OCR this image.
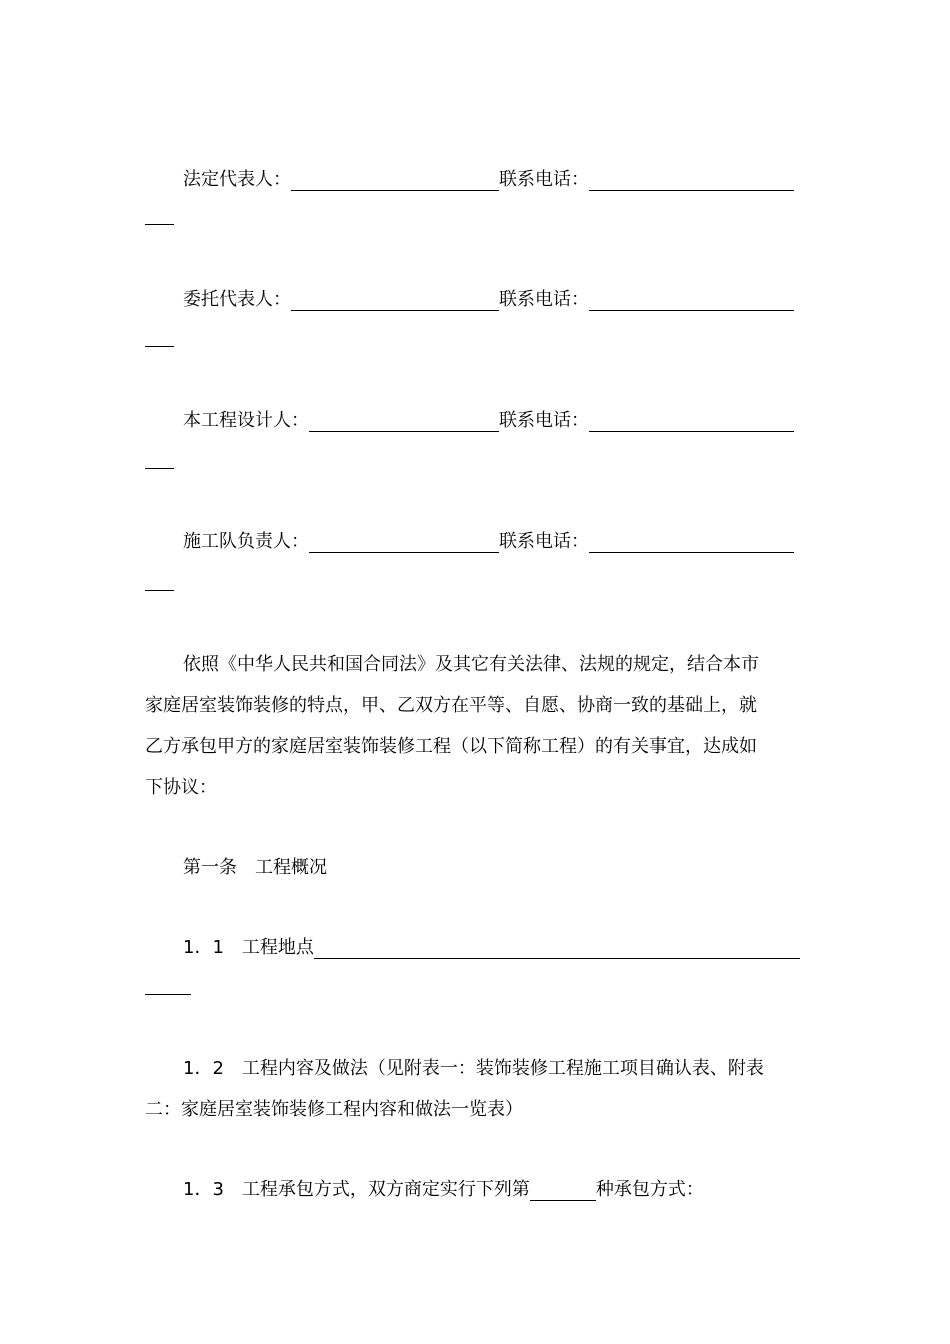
法定代表人：	联系电话：
委托代表人：	联系电话：
本工程设计人：	联系电话：
施工队负责人：	联系电话：
依照《中华人民共和国合同法》及其它有关法律、法规的规定，结合本市
家庭居室装饰装修的特点，甲、乙双方在平等、自愿、协商一致的基础上，就
乙方承包甲方的家庭居室装饰装修工程（以下简称工程）的有关事宜，达成如
下协议：
第一条 工程概况
1．1 工程地点
1．2 工程内容及做法（见附表一：装饰装修工程施工项目确认表、附表
二：家庭居室装饰装修工程内容和做法一览表）
1．3 工程承包方式，双方商定实行下列第	种承包方式：
